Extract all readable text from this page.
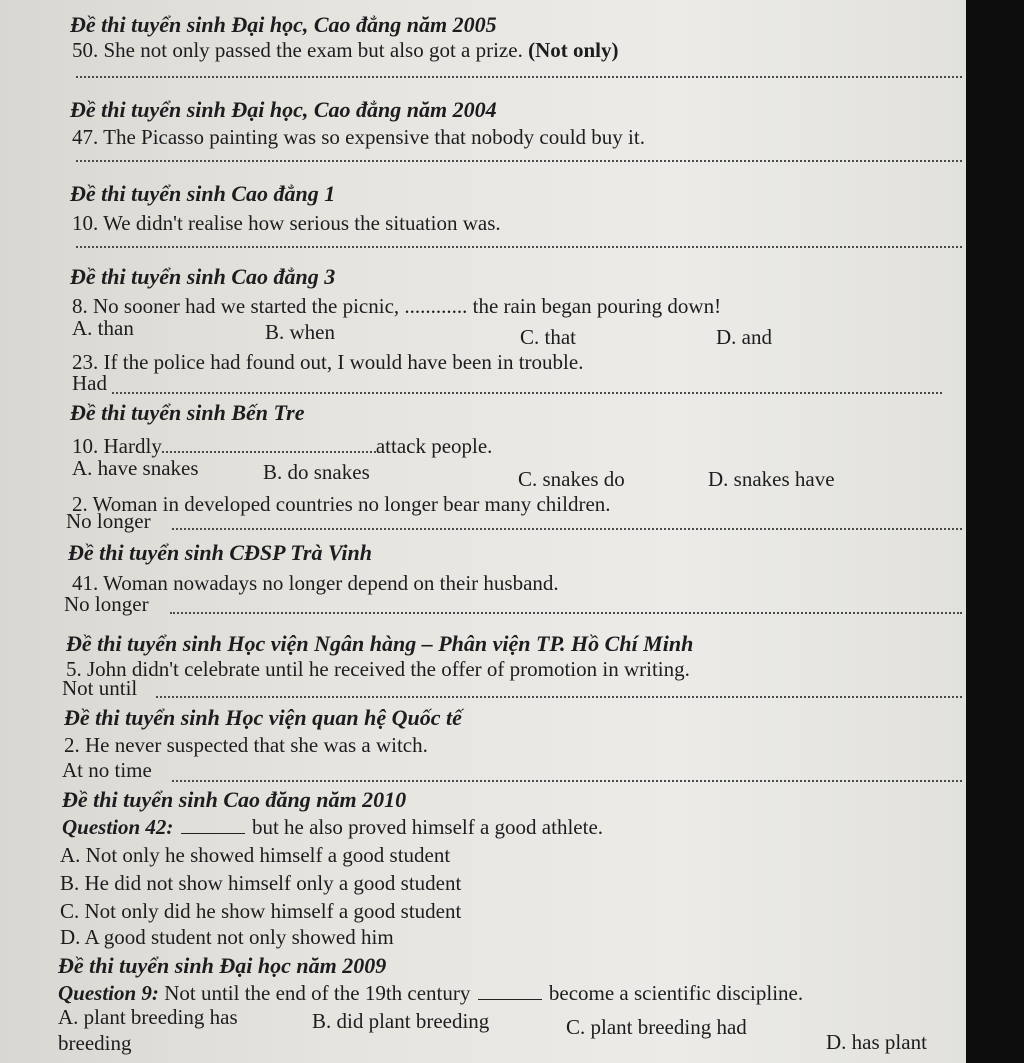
Đề thi tuyển sinh Đại học, Cao đẳng năm 2005
50. She not only passed the exam but also got a prize. (Not only)
Đề thi tuyển sinh Đại học, Cao đẳng năm 2004
47. The Picasso painting was so expensive that nobody could buy it.
Đề thi tuyển sinh Cao đẳng 1
10. We didn't realise how serious the situation was.
Đề thi tuyển sinh Cao đẳng 3
8. No sooner had we started the picnic, ............ the rain began pouring down!
A. than	B. when	C. that	D. and
23. If the police had found out, I would have been in trouble.
Had
Đề thi tuyển sinh Bến Tre
10. Hardly	attack people.
A. have snakes	B. do snakes	C. snakes do	D. snakes have
2. Woman in developed countries no longer bear many children.
No longer
Đề thi tuyển sinh CĐSP Trà Vinh
41. Woman nowadays no longer depend on their husband.
No longer
Đề thi tuyển sinh Học viện Ngân hàng – Phân viện TP. Hồ Chí Minh
5. John didn't celebrate until he received the offer of promotion in writing.
Not until
Đề thi tuyển sinh Học viện quan hệ Quốc tế
2. He never suspected that she was a witch.
At no time
Đề thi tuyển sinh Cao đăng năm 2010
Question 42:	but he also proved himself a good athlete.
A. Not only he showed himself a good student
B. He did not show himself only a good student
C. Not only did he show himself a good student
D. A good student not only showed him
Đề thi tuyển sinh Đại học năm 2009
Question 9: Not until the end of the 19th century	become a scientific discipline.
A. plant breeding has	B. did plant breeding	C. plant breeding had
D. has plant
breeding
